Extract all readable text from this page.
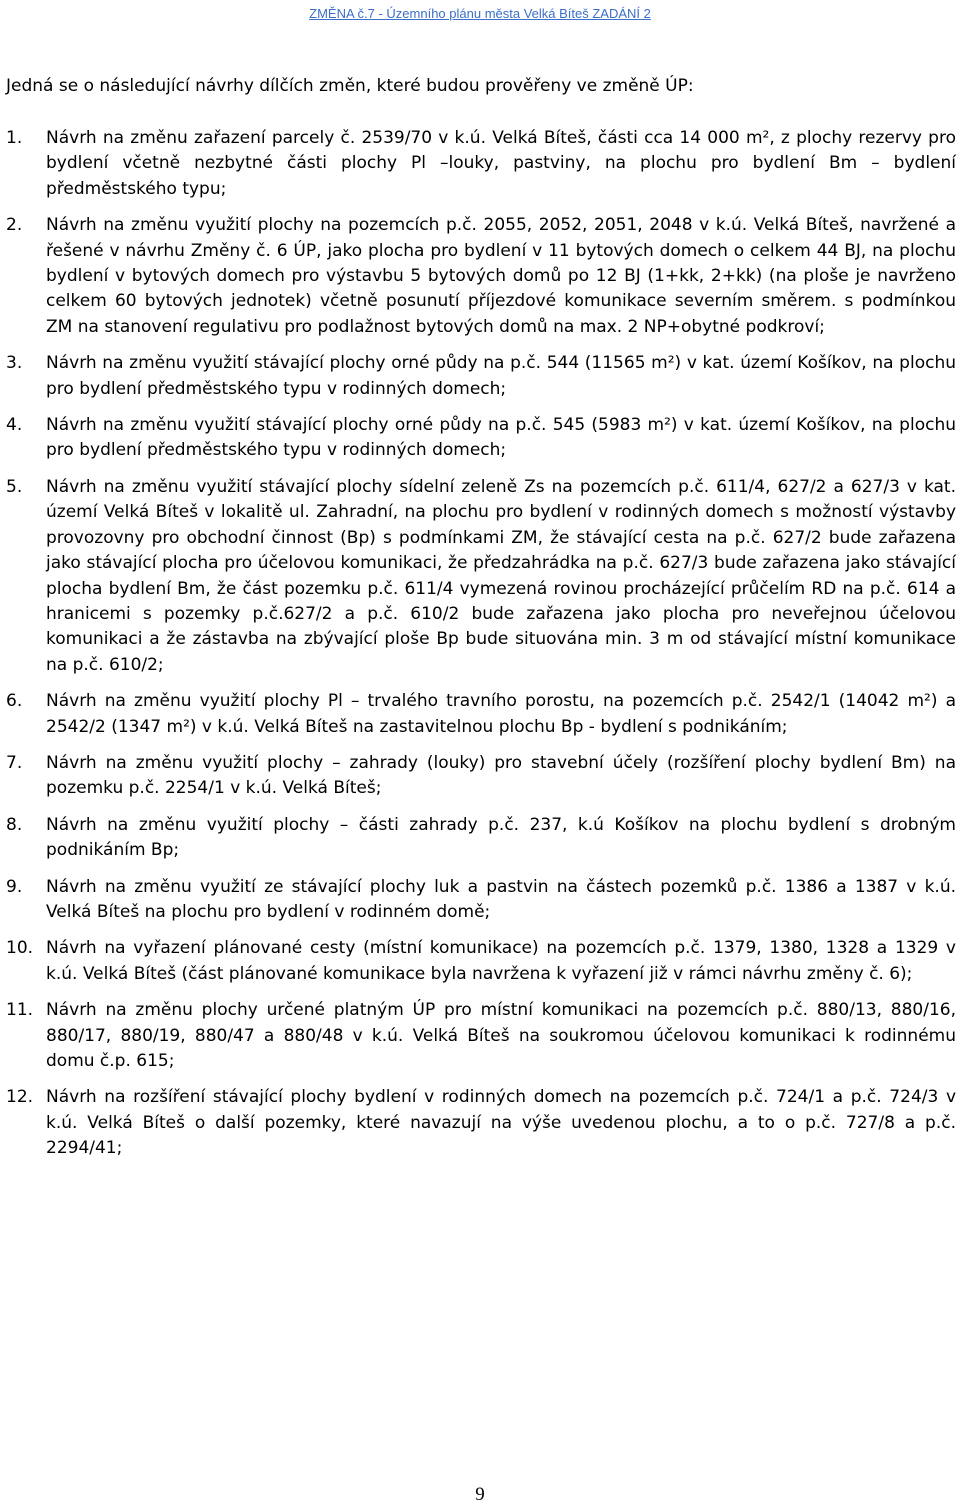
ZMĚNA č.7 - Územního plánu města Velká Bíteš ZADÁNÍ 2
Jedná se o následující návrhy dílčích změn, které budou prověřeny ve změně ÚP:
1. Návrh na změnu zařazení parcely č. 2539/70 v k.ú. Velká Bíteš, části cca 14 000 m², z plochy rezervy pro bydlení včetně nezbytné části plochy Pl –louky, pastviny, na plochu pro bydlení Bm – bydlení předměstského typu;
2. Návrh na změnu využití plochy na pozemcích p.č. 2055, 2052, 2051, 2048 v k.ú. Velká Bíteš, navržené a řešené v návrhu Změny č. 6 ÚP, jako plocha pro bydlení v 11 bytových domech o celkem 44 BJ, na plochu bydlení v bytových domech pro výstavbu 5 bytových domů po 12 BJ (1+kk, 2+kk) (na ploše je navrženo celkem 60 bytových jednotek) včetně posunutí příjezdové komunikace severním směrem. s podmínkou ZM na stanovení regulativu pro podlažnost bytových domů na max. 2 NP+obytné podkroví;
3. Návrh na změnu využití stávající plochy orné půdy na p.č. 544 (11565 m²) v kat. území Košíkov, na plochu pro bydlení předměstského typu v rodinných domech;
4. Návrh na změnu využití stávající plochy orné půdy na p.č. 545 (5983 m²) v kat. území Košíkov, na plochu pro bydlení předměstského typu v rodinných domech;
5. Návrh na změnu využití stávající plochy sídelní zeleně Zs na pozemcích p.č. 611/4, 627/2 a 627/3 v kat. území Velká Bíteš v lokalitě ul. Zahradní, na plochu pro bydlení v rodinných domech s možností výstavby provozovny pro obchodní činnost (Bp) s podmínkami ZM, že stávající cesta na p.č. 627/2 bude zařazena jako stávající plocha pro účelovou komunikaci, že předzahrádka na p.č. 627/3 bude zařazena jako stávající plocha bydlení Bm, že část pozemku p.č. 611/4 vymezená rovinou procházející průčelím RD na p.č. 614 a hranicemi s pozemky p.č.627/2 a p.č. 610/2 bude zařazena jako plocha pro neveřejnou účelovou komunikaci a že zástavba na zbývající ploše Bp bude situována min. 3 m od stávající místní komunikace na p.č. 610/2;
6. Návrh na změnu využití plochy Pl – trvalého travního porostu, na pozemcích p.č. 2542/1 (14042 m²) a 2542/2 (1347 m²) v k.ú. Velká Bíteš na zastavitelnou plochu Bp - bydlení s podnikáním;
7. Návrh na změnu využití plochy – zahrady (louky) pro stavební účely (rozšíření plochy bydlení Bm) na pozemku p.č. 2254/1 v k.ú. Velká Bíteš;
8. Návrh na změnu využití plochy – části zahrady p.č. 237, k.ú Košíkov na plochu bydlení s drobným podnikáním Bp;
9. Návrh na změnu využití ze stávající plochy luk a pastvin na částech pozemků p.č. 1386 a 1387 v k.ú. Velká Bíteš na plochu pro bydlení v rodinném domě;
10. Návrh na vyřazení plánované cesty (místní komunikace) na pozemcích p.č. 1379, 1380, 1328 a 1329 v k.ú. Velká Bíteš (část plánované komunikace byla navržena k vyřazení již v rámci návrhu změny č. 6);
11. Návrh na změnu plochy určené platným ÚP pro místní komunikaci na pozemcích p.č. 880/13, 880/16, 880/17, 880/19, 880/47 a 880/48 v k.ú. Velká Bíteš na soukromou účelovou komunikaci k rodinnému domu č.p. 615;
12. Návrh na rozšíření stávající plochy bydlení v rodinných domech na pozemcích p.č. 724/1 a p.č. 724/3 v k.ú. Velká Bíteš o další pozemky, které navazují na výše uvedenou plochu, a to o p.č. 727/8 a p.č. 2294/41;
9
